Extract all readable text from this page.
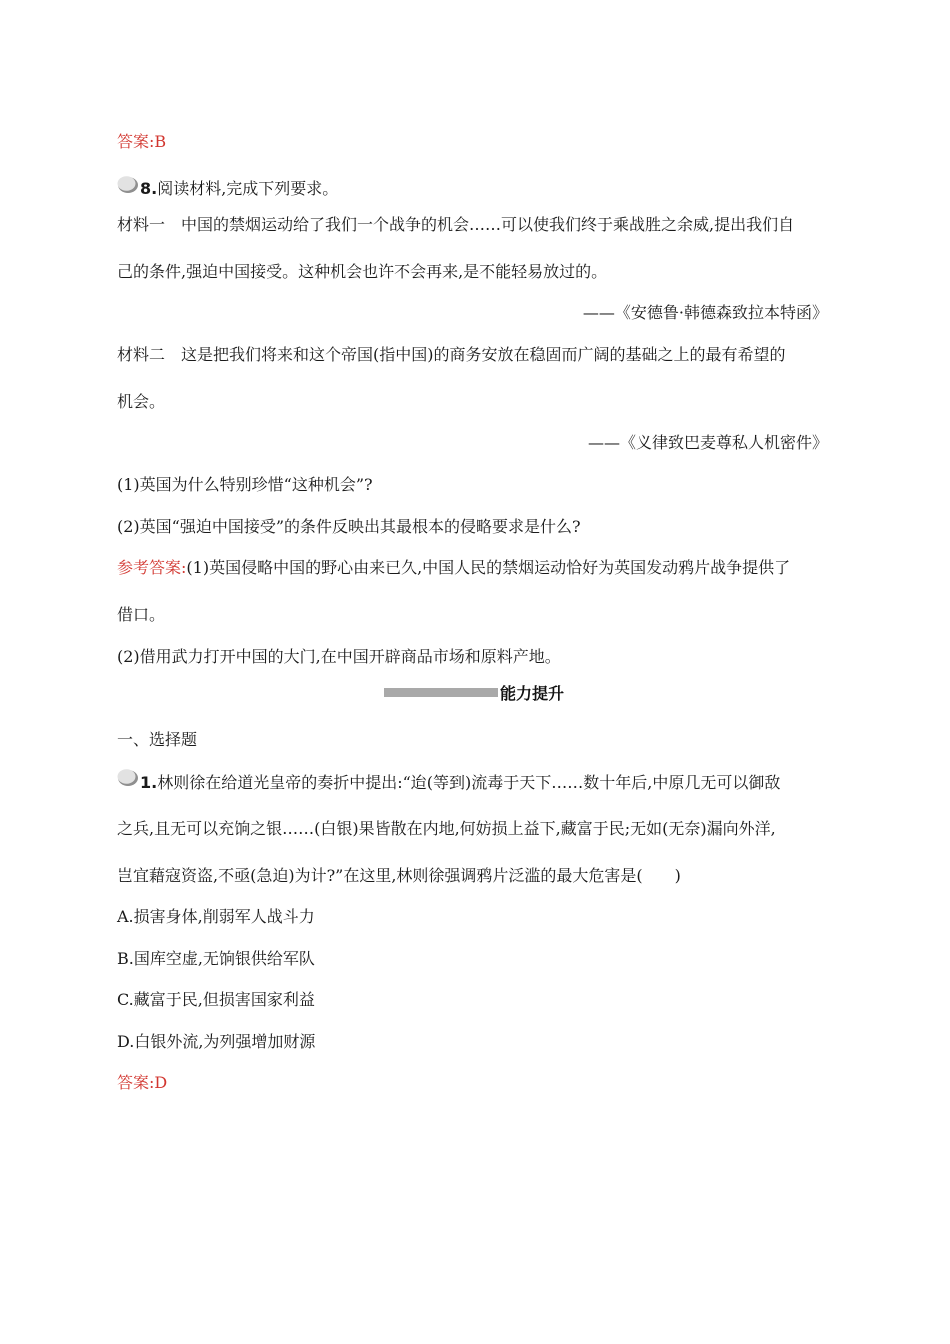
答案:B
8.阅读材料,完成下列要求。
材料一　中国的禁烟运动给了我们一个战争的机会……可以使我们终于乘战胜之余威,提出我们自
己的条件,强迫中国接受。这种机会也许不会再来,是不能轻易放过的。
——《安德鲁·韩德森致拉本特函》
材料二　这是把我们将来和这个帝国(指中国)的商务安放在稳固而广阔的基础之上的最有希望的
机会。
——《义律致巴麦尊私人机密件》
(1)英国为什么特别珍惜“这种机会”?
(2)英国“强迫中国接受”的条件反映出其最根本的侵略要求是什么?
参考答案:(1)英国侵略中国的野心由来已久,中国人民的禁烟运动恰好为英国发动鸦片战争提供了
借口。
(2)借用武力打开中国的大门,在中国开辟商品市场和原料产地。
能力提升
一、选择题
1.林则徐在给道光皇帝的奏折中提出:“迨(等到)流毒于天下……数十年后,中原几无可以御敌
之兵,且无可以充饷之银……(白银)果皆散在内地,何妨损上益下,藏富于民;无如(无奈)漏向外洋,
岂宜藉寇资盗,不亟(急迫)为计?”在这里,林则徐强调鸦片泛滥的最大危害是(　　)
A.损害身体,削弱军人战斗力
B.国库空虚,无饷银供给军队
C.藏富于民,但损害国家利益
D.白银外流,为列强增加财源
答案:D
